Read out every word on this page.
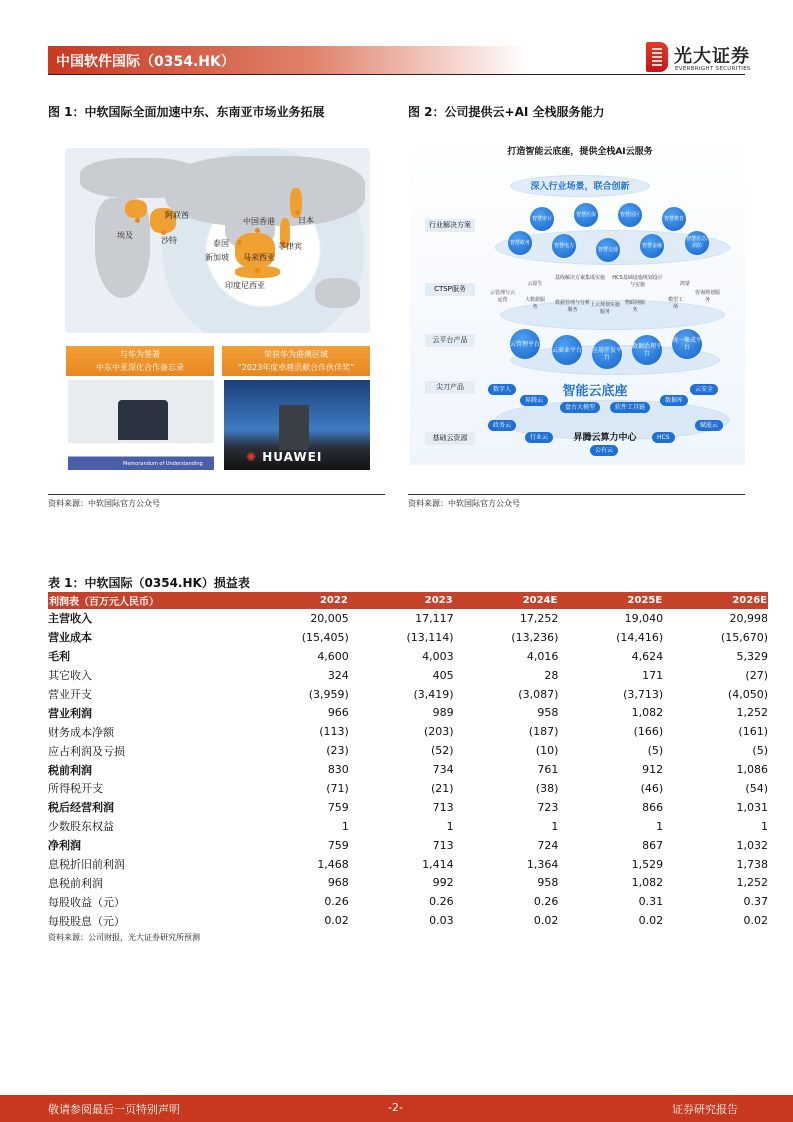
中国软件国际（0354.HK）	光大证券
EVERBRIGHT SECURITIES
图 1：中软国际全面加速中东、东南亚市场业务拓展
埃及
阿联酋
沙特
中国香港	日本
泰国	菲律宾
新加坡 马来西亚
印度尼西亚
与华为签署
中东中亚深化合作备忘录
荣获华为港澳区域
“2023年度卓越贡献合作伙伴奖”
Memorandum of Understanding	✺ HUAWEI
资料来源：中软国际官方公众号
图 2：公司提供云+AI 全栈服务能力
打造智能云底座，提供全栈AI云服务
深入行业场景，联合创新
行业解决方案
CTSP服务
云平台产品
尖刀产品
基础云资源
智慧审计
智慧医保	智慧园区
智慧教育
智慧政务	智慧电力
智慧交通
智慧金融
智慧应急/消防
云原生
基线解决方案集成实施	HCS基础设施规划设计与实施	鸿蒙
云管理与云运营	大数据服务
数据管理与分析服务
上云规划实施服务
物联网服务
模型工场
咨询规划服务
云管理平台
云商业平台 应用开发平台
数据治理平台
统一集成平台
智能云底座
数字人
昇腾云
盘古大模型	软件工具链
数据库
云安全
昇腾云算力中心
政务云
行业云	HCS
赋能云
公有云
资料来源：中软国际官方公众号
表 1：中软国际（0354.HK）损益表
利润表（百万元人民币）	2022	2023	2024E	2025E	2026E
主营收入	20,005	17,117	17,252	19,040	20,998
营业成本	(15,405)	(13,114)	(13,236)	(14,416)	(15,670)
毛利	4,600	4,003	4,016	4,624	5,329
其它收入	324	405	28	171	(27)
营业开支	(3,959)	(3,419)	(3,087)	(3,713)	(4,050)
营业利润	966	989	958	1,082	1,252
财务成本净额	(113)	(203)	(187)	(166)	(161)
应占利润及亏损	(23)	(52)	(10)	(5)	(5)
税前利润	830	734	761	912	1,086
所得税开支	(71)	(21)	(38)	(46)	(54)
税后经营利润	759	713	723	866	1,031
少数股东权益	1	1	1	1	1
净利润	759	713	724	867	1,032
息税折旧前利润	1,468	1,414	1,364	1,529	1,738
息税前利润	968	992	958	1,082	1,252
每股收益（元）	0.26	0.26	0.26	0.31	0.37
每股股息（元）	0.02	0.03	0.02	0.02	0.02
资料来源：公司财报，光大证券研究所预测
敬请参阅最后一页特别声明	-2-	证券研究报告
